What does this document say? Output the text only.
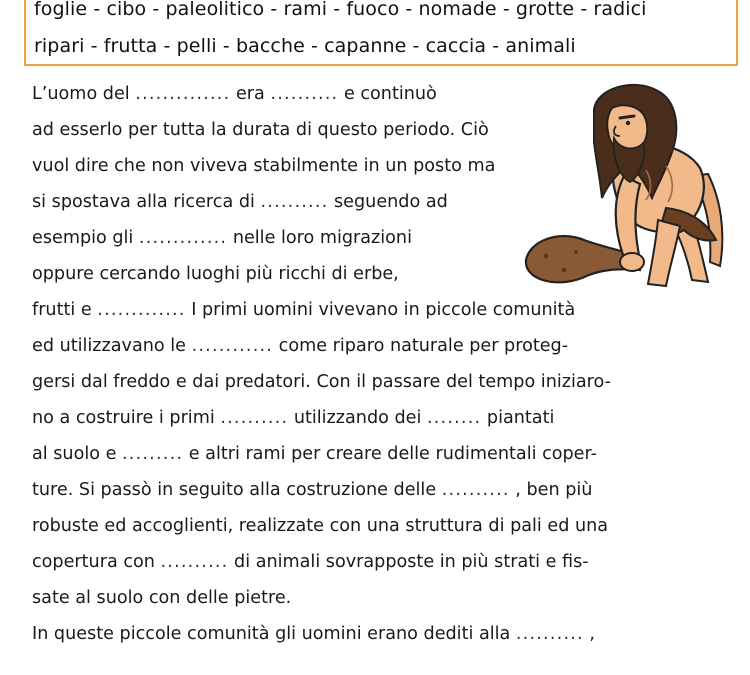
foglie - cibo - paleolitico - rami - fuoco - nomade - grotte - radici
ripari - frutta - pelli - bacche - capanne - caccia - animali
L’uomo del .............. era .......... e continuò
ad esserlo per tutta la durata di questo periodo. Ciò
vuol dire che non viveva stabilmente in un posto ma
si spostava alla ricerca di .......... seguendo ad
esempio gli ............. nelle loro migrazioni
oppure cercando luoghi più ricchi di erbe,
frutti e ............. I primi uomini vivevano in piccole comunità
ed utilizzavano le ............ come riparo naturale per proteg-
gersi dal freddo e dai predatori. Con il passare del tempo iniziaro-
no a costruire i primi .......... utilizzando dei ........ piantati
al suolo e ......... e altri rami per creare delle rudimentali coper-
ture. Si passò in seguito alla costruzione delle .......... , ben più
robuste ed accoglienti, realizzate con una struttura di pali ed una
copertura con .......... di animali sovrapposte in più strati e fis-
sate al suolo con delle pietre.
In queste piccole comunità gli uomini erano dediti alla .......... ,
